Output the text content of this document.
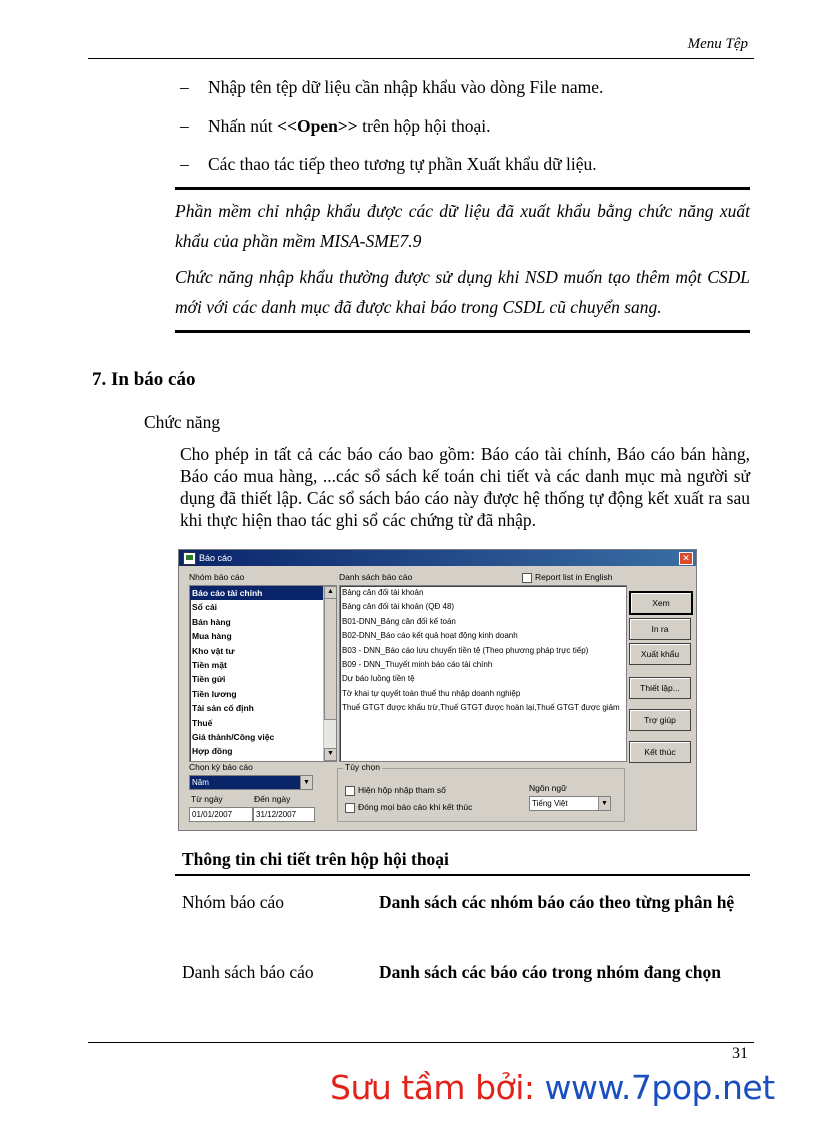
Menu Tệp
– Nhập tên tệp dữ liệu cần nhập khẩu vào dòng File name.
– Nhấn nút <<Open>> trên hộp hội thoại.
– Các thao tác tiếp theo tương tự phần Xuất khẩu dữ liệu.

Phần mềm chỉ nhập khẩu được các dữ liệu đã xuất khẩu bằng chức năng xuất khẩu của phần mềm MISA-SME7.9

Chức năng nhập khẩu thường được sử dụng khi NSD muốn tạo thêm một CSDL mới với các danh mục đã được khai báo trong CSDL cũ chuyển sang.

7. In báo cáo
Chức năng
Cho phép in tất cả các báo cáo bao gồm: Báo cáo tài chính, Báo cáo bán hàng, Báo cáo mua hàng, ...các sổ sách kế toán chi tiết và các danh mục mà người sử dụng đã thiết lập. Các sổ sách báo cáo này được hệ thống tự động kết xuất ra sau khi thực hiện thao tác ghi sổ các chứng từ đã nhập.
Báo cáo	✕
Nhóm báo cáo
Báo cáo tài chính
Sổ cái
Bán hàng
Mua hàng
Kho vật tư
Tiền mặt
Tiền gửi
Tiền lương
Tài sản cố định
Thuế
Giá thành/Công việc
Hợp đồng
▲
▼
Danh sách báo cáo	Report list in English
Bảng cân đối tài khoản
Bảng cân đối tài khoản (QĐ 48)
B01-DNN_Bảng cân đối kế toán
B02-DNN_Báo cáo kết quả hoạt động kinh doanh
B03 - DNN_Báo cáo lưu chuyển tiền tệ (Theo phương pháp trực tiếp)
B09 - DNN_Thuyết minh báo cáo tài chính
Dự báo luồng tiền tệ
Tờ khai tự quyết toán thuế thu nhập doanh nghiệp
Thuế GTGT được khấu trừ,Thuế GTGT được hoàn lại,Thuế GTGT được giảm
Xem
In ra
Xuất khẩu
Thiết lập...
Trợ giúp
Kết thúc
Chọn kỳ báo cáo
Năm	▼
Từ ngày	Đến ngày
01/01/2007	31/12/2007
Tùy chọn
Hiện hộp nhập tham số
Đóng mọi báo cáo khi kết thúc
Ngôn ngữ
Tiếng Việt	▼
Thông tin chi tiết trên hộp hội thoại
Nhóm báo cáo	Danh sách các nhóm báo cáo theo từng phân hệ
Danh sách báo cáo	Danh sách các báo cáo trong nhóm đang chọn
31
Sưu tầm bởi: www.7pop.net
